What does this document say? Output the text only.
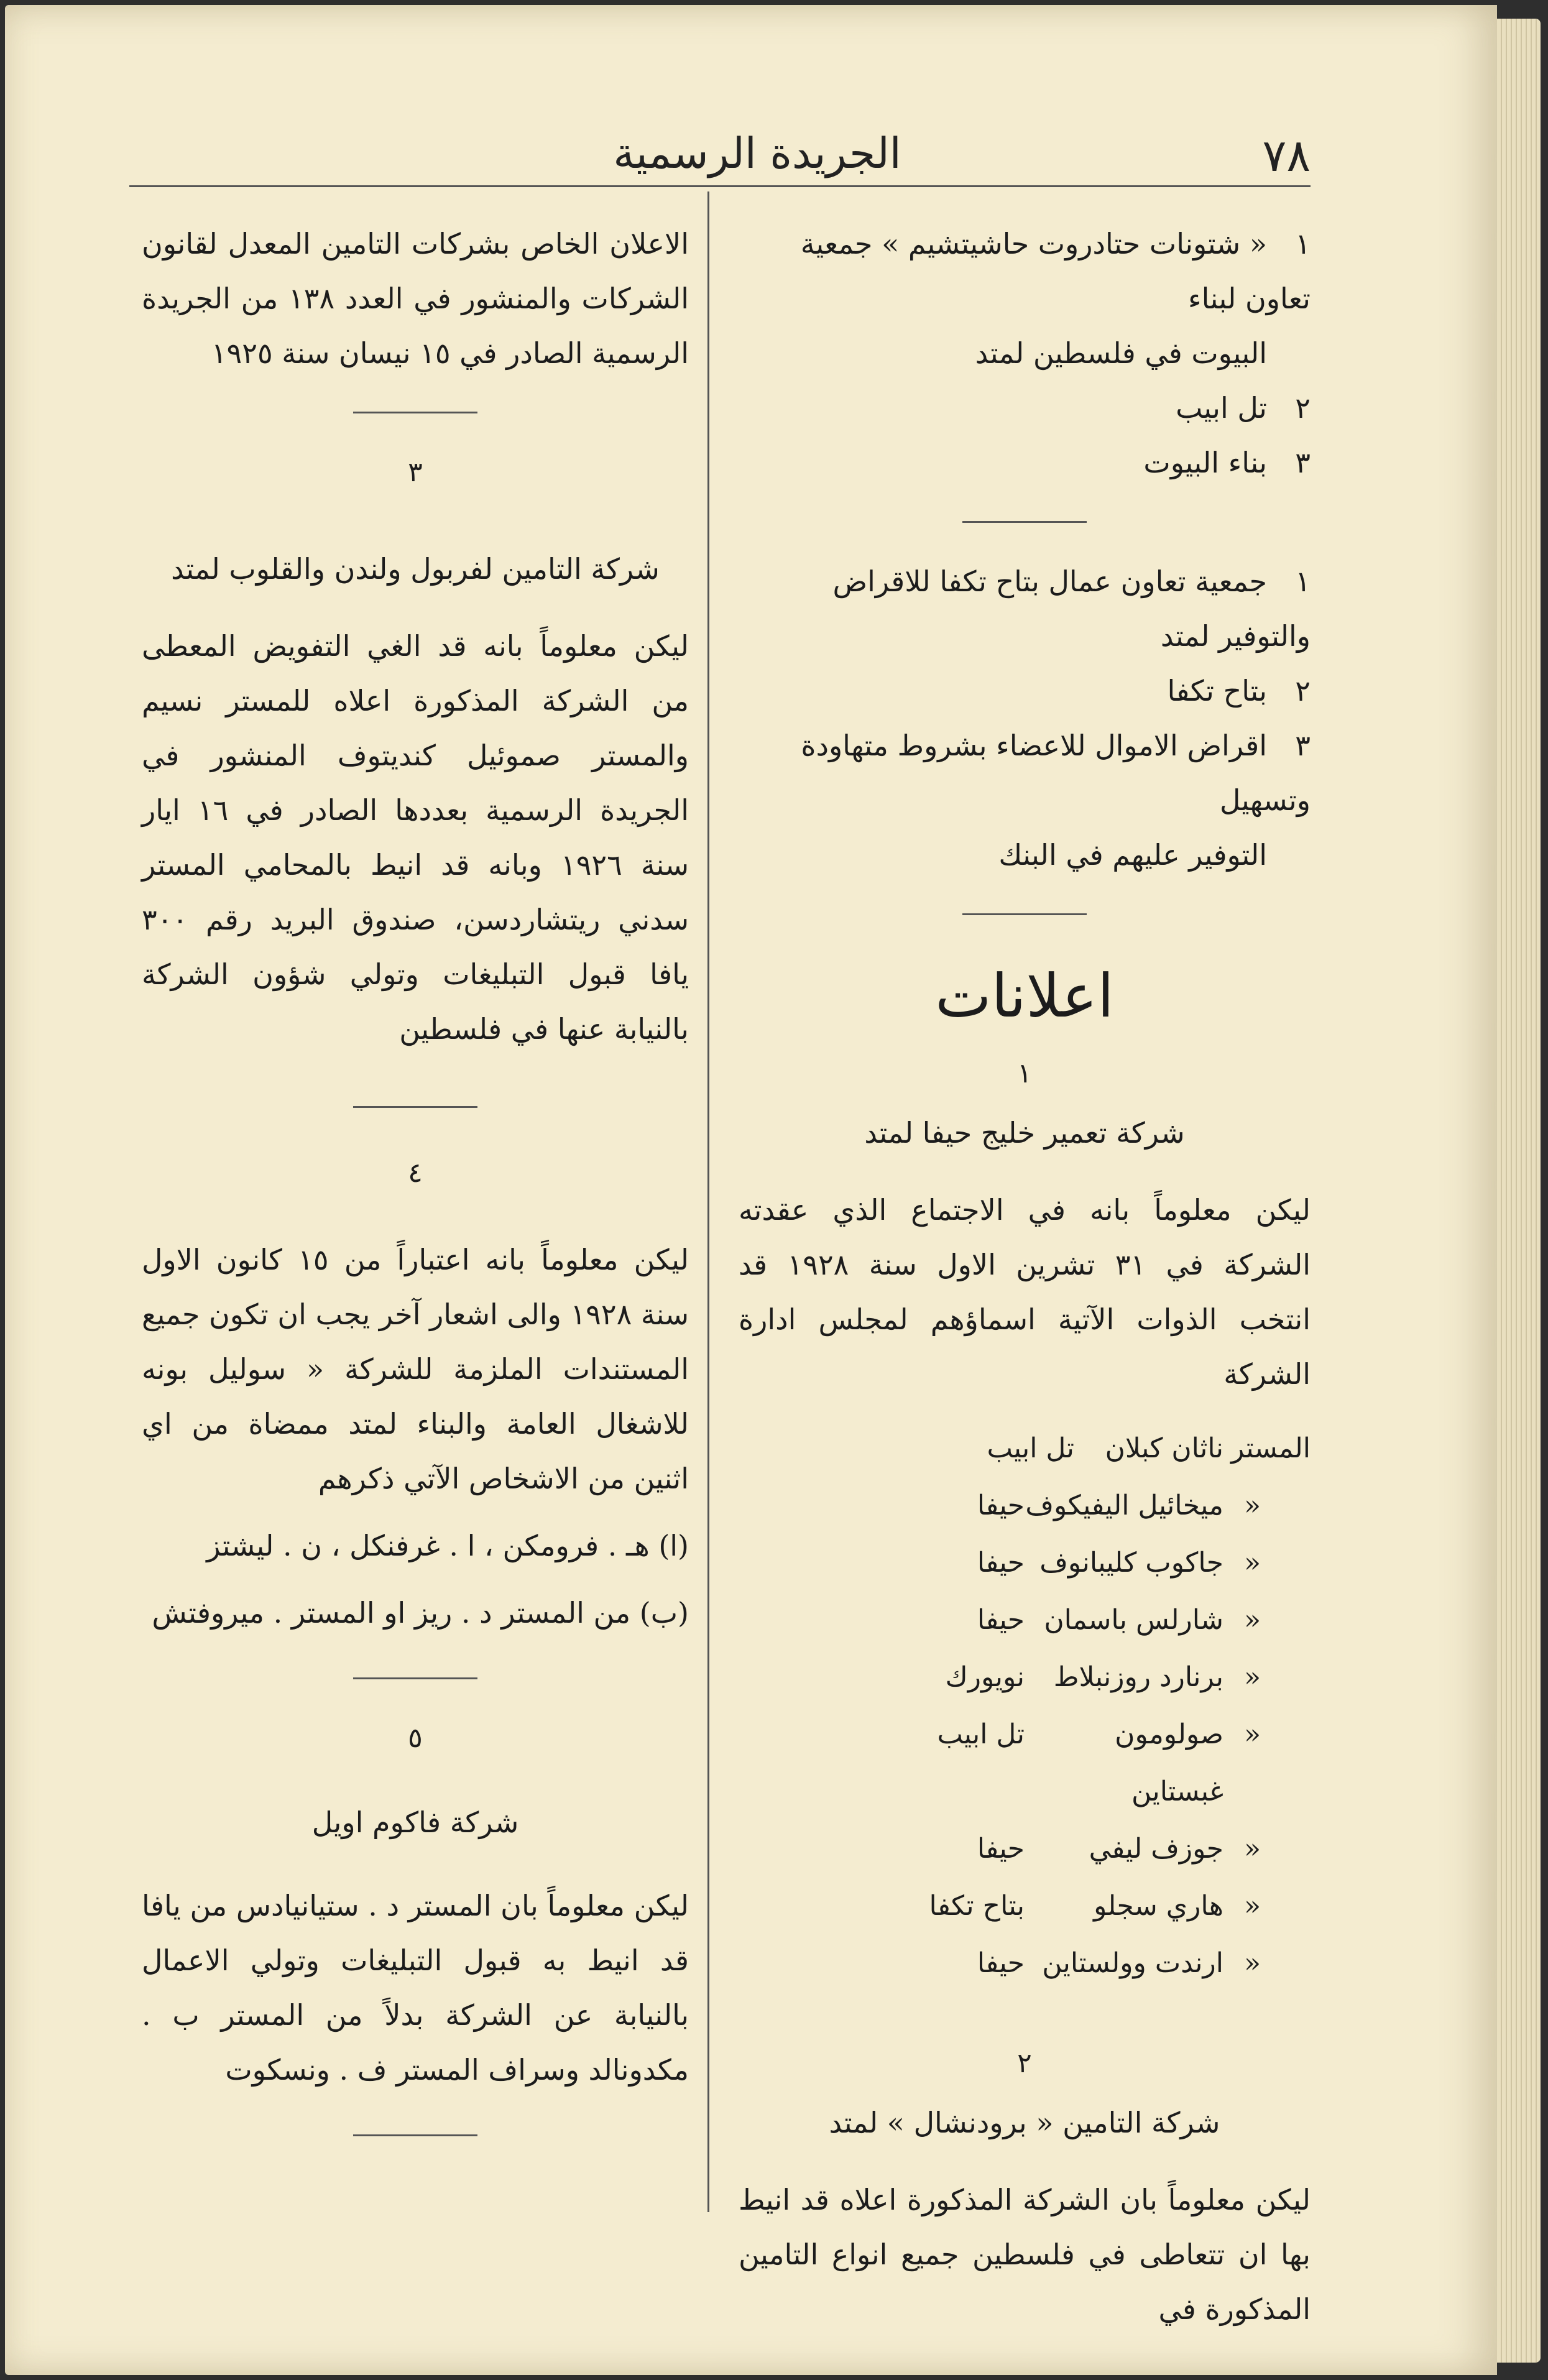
٧٨
الجريدة الرسمية

١« شتونات حتادروت حاشيتشيم » جمعية تعاون لبناء

البيوت في فلسطين لمتد

٢تل ابيب

٣بناء البيوت

١جمعية تعاون عمال بتاح تكفا للاقراض والتوفير لمتد

٢بتاح تكفا

٣اقراض الاموال للاعضاء بشروط متهاودة وتسهيل

التوفير عليهم في البنك

اعلانات
١
شركة تعمير خليج حيفا لمتد

ليكن معلوماً بانه في الاجتماع الذي عقدته الشركة في ٣١ تشرين الاول سنة ١٩٢٨ قد انتخب الذوات الآتية اسماؤهم لمجلس ادارة الشركة

المستر
ناثان كبلان
تل ابيب
«
ميخائيل اليفيكوف
حيفا
«
جاكوب كليبانوف
حيفا
«
شارلس باسمان
حيفا
«
برنارد روزنبلاط
نويورك
«
صولومون غبستاين
تل ابيب
«
جوزف ليفي
حيفا
«
هاري سجلو
بتاح تكفا
«
ارندت وولستاين
حيفا
٢
شركة التامين « برودنشال » لمتد

ليكن معلوماً بان الشركة المذكورة اعلاه قد انيط بها ان تتعاطى في فلسطين جميع انواع التامين المذكورة في

الاعلان الخاص بشركات التامين المعدل لقانون الشركات والمنشور في العدد ١٣٨ من الجريدة الرسمية الصادر في ١٥ نيسان سنة ١٩٢٥

٣
شركة التامين لفربول ولندن والقلوب لمتد

ليكن معلوماً بانه قد الغي التفويض المعطى من الشركة المذكورة اعلاه للمستر نسيم والمستر صموئيل كنديتوف المنشور في الجريدة الرسمية بعددها الصادر في ١٦ ايار سنة ١٩٢٦ وبانه قد انيط بالمحامي المستر سدني ريتشاردسن، صندوق البريد رقم ٣٠٠ يافا قبول التبليغات وتولي شؤون الشركة بالنيابة عنها في فلسطين

٤

ليكن معلوماً بانه اعتباراً من ١٥ كانون الاول سنة ١٩٢٨ والى اشعار آخر يجب ان تكون جميع المستندات الملزمة للشركة « سوليل بونه للاشغال العامة والبناء لمتد ممضاة من اي اثنين من الاشخاص الآتي ذكرهم

(ا) هـ . فرومكن ، ا . غرفنكل ، ن . ليشتز

(ب) من المستر د . ريز او المستر . ميروفتش

٥
شركة فاكوم اويل

ليكن معلوماً بان المستر د . ستيانيادس من يافا قد انيط به قبول التبليغات وتولي الاعمال بالنيابة عن الشركة بدلاً من المستر ب . مكدونالد وسراف المستر ف . ونسكوت
